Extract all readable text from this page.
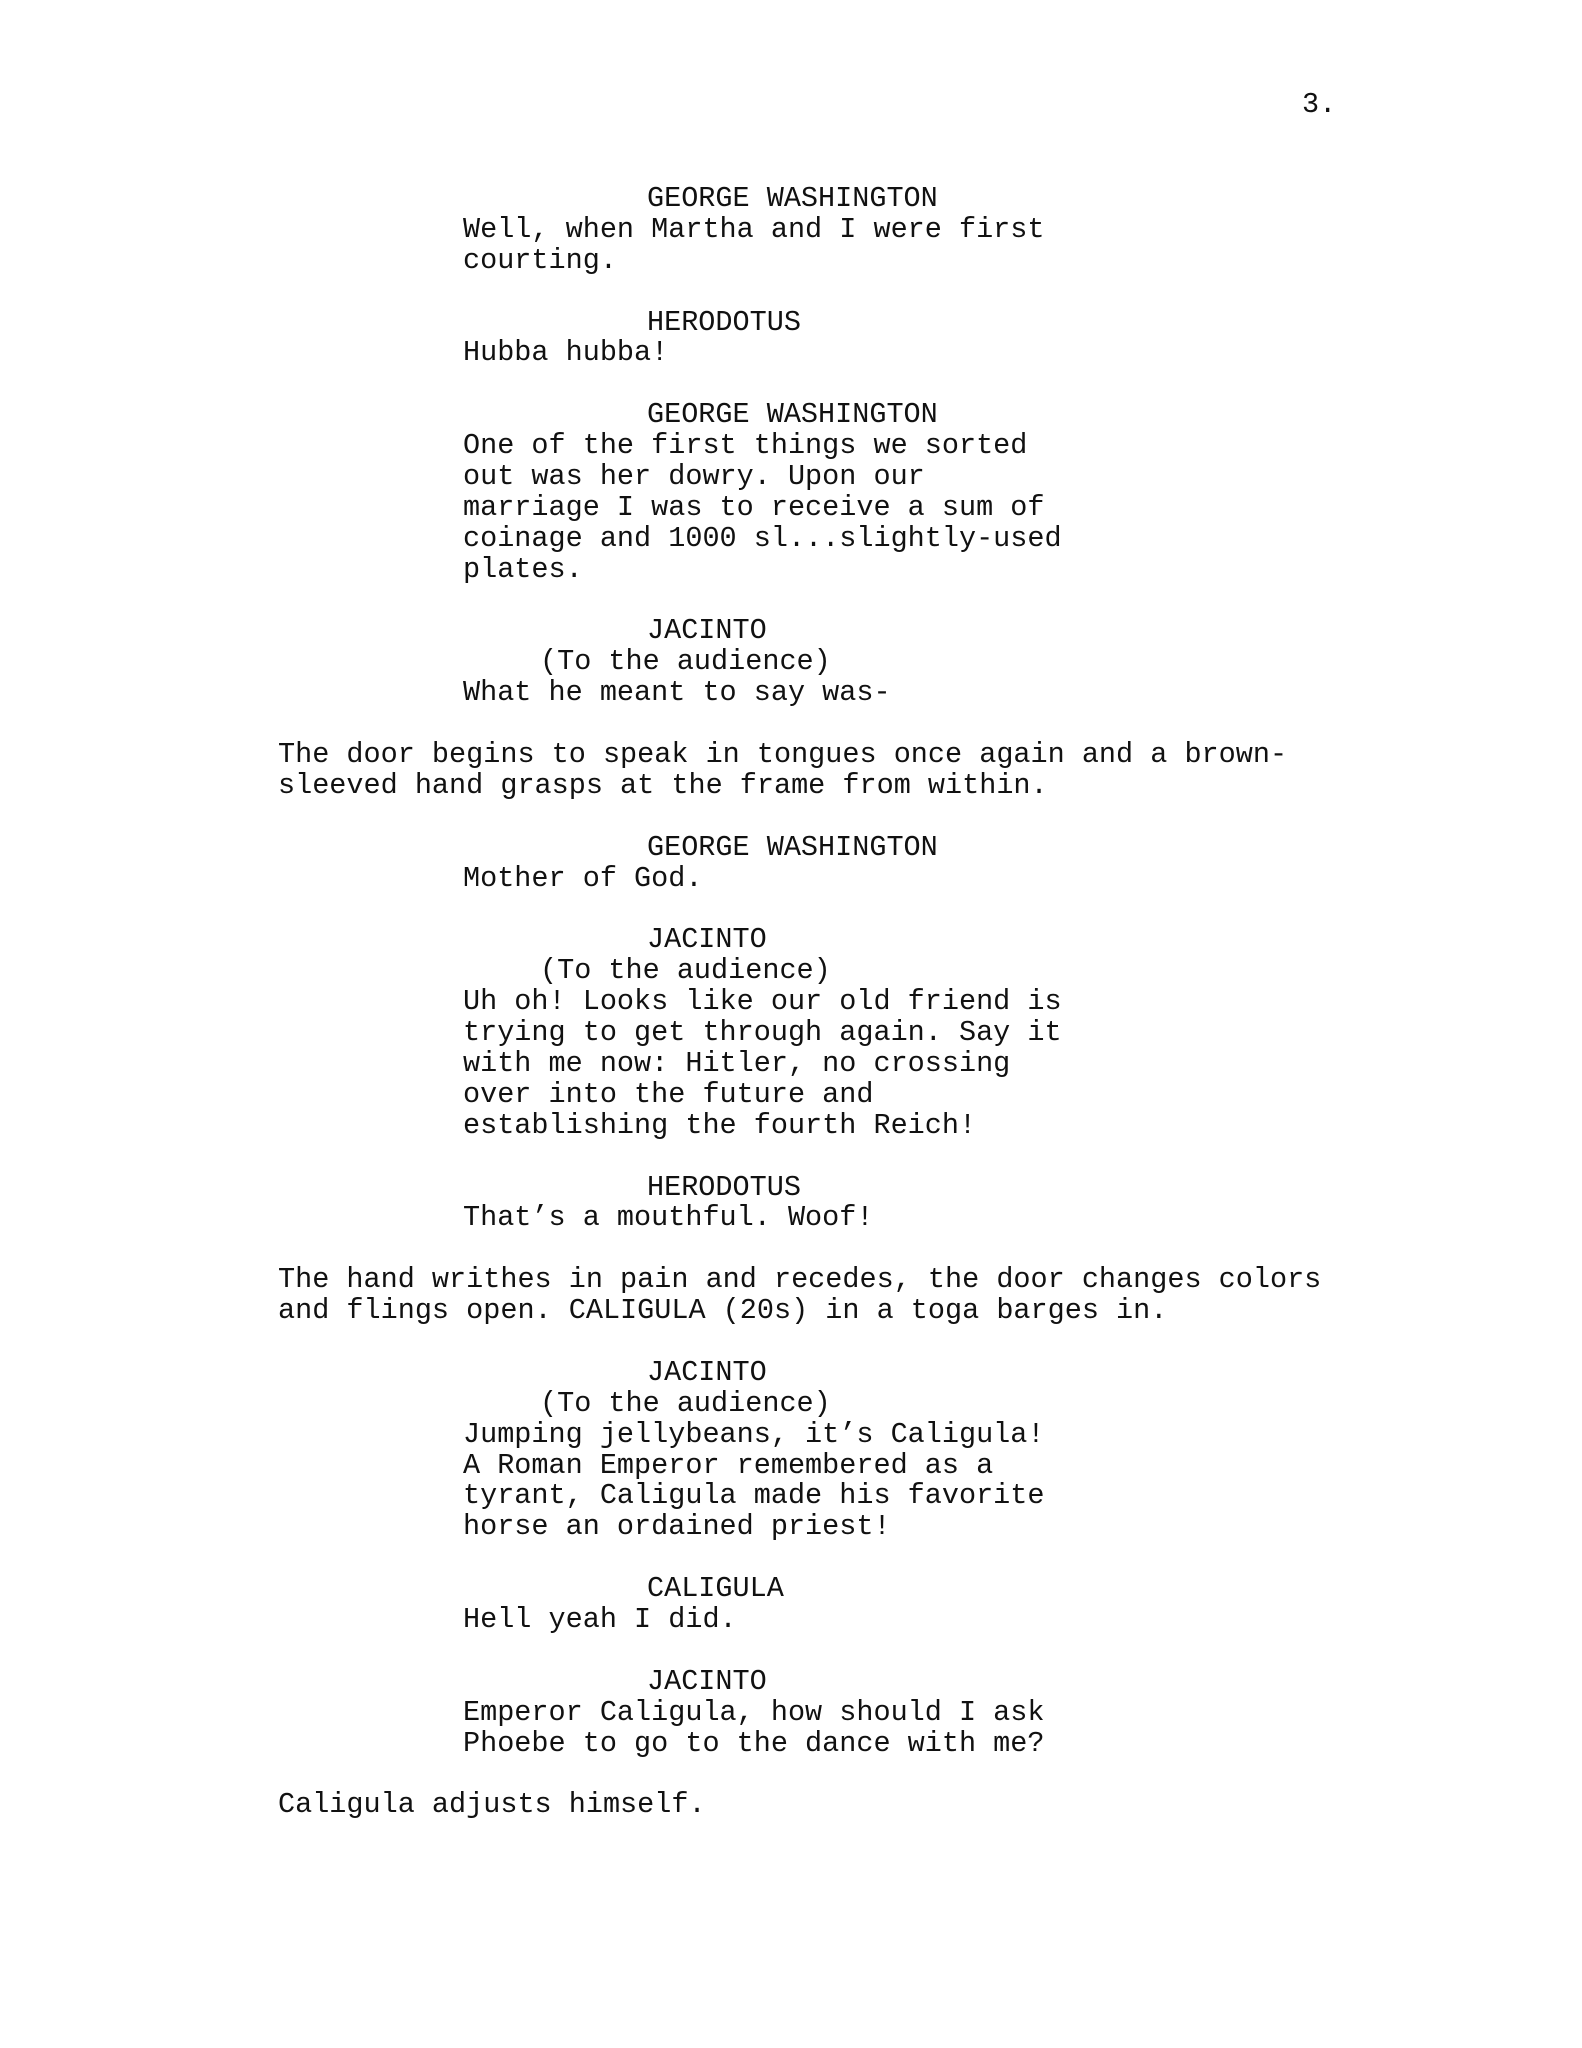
3.
GEORGE WASHINGTON
Well, when Martha and I were first
courting.
HERODOTUS
Hubba hubba!
GEORGE WASHINGTON
One of the first things we sorted
out was her dowry. Upon our
marriage I was to receive a sum of
coinage and 1000 sl...slightly-used
plates.
JACINTO
(To the audience)
What he meant to say was-
The door begins to speak in tongues once again and a brown-
sleeved hand grasps at the frame from within.
GEORGE WASHINGTON
Mother of God.
JACINTO
(To the audience)
Uh oh! Looks like our old friend is
trying to get through again. Say it
with me now: Hitler, no crossing
over into the future and
establishing the fourth Reich!
HERODOTUS
That’s a mouthful. Woof!
The hand writhes in pain and recedes, the door changes colors
and flings open. CALIGULA (20s) in a toga barges in.
JACINTO
(To the audience)
Jumping jellybeans, it’s Caligula!
A Roman Emperor remembered as a
tyrant, Caligula made his favorite
horse an ordained priest!
CALIGULA
Hell yeah I did.
JACINTO
Emperor Caligula, how should I ask
Phoebe to go to the dance with me?
Caligula adjusts himself.
